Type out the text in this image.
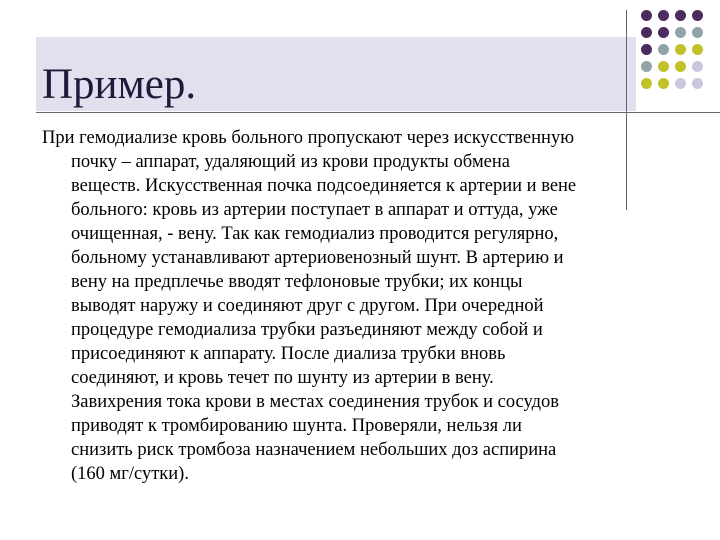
Пример.

При гемодиализе кровь больного пропускают через искусственную
почку – аппарат, удаляющий из крови продукты обмена
веществ. Искусственная почка подсоединяется к артерии и вене
больного: кровь из артерии поступает в аппарат и оттуда, уже
очищенная, - вену. Так как гемодиализ проводится регулярно,
больному устанавливают артериовенозный шунт. В артерию и
вену на предплечье вводят тефлоновые трубки; их концы
выводят наружу и соединяют друг с другом. При очередной
процедуре гемодиализа трубки разъединяют между собой и
присоединяют к аппарату. После диализа трубки вновь
соединяют, и кровь течет по шунту из артерии в вену.
Завихрения тока крови в местах соединения трубок и сосудов
приводят к тромбированию шунта. Проверяли, нельзя ли
снизить риск тромбоза назначением небольших доз аспирина
(160 мг/сутки).
